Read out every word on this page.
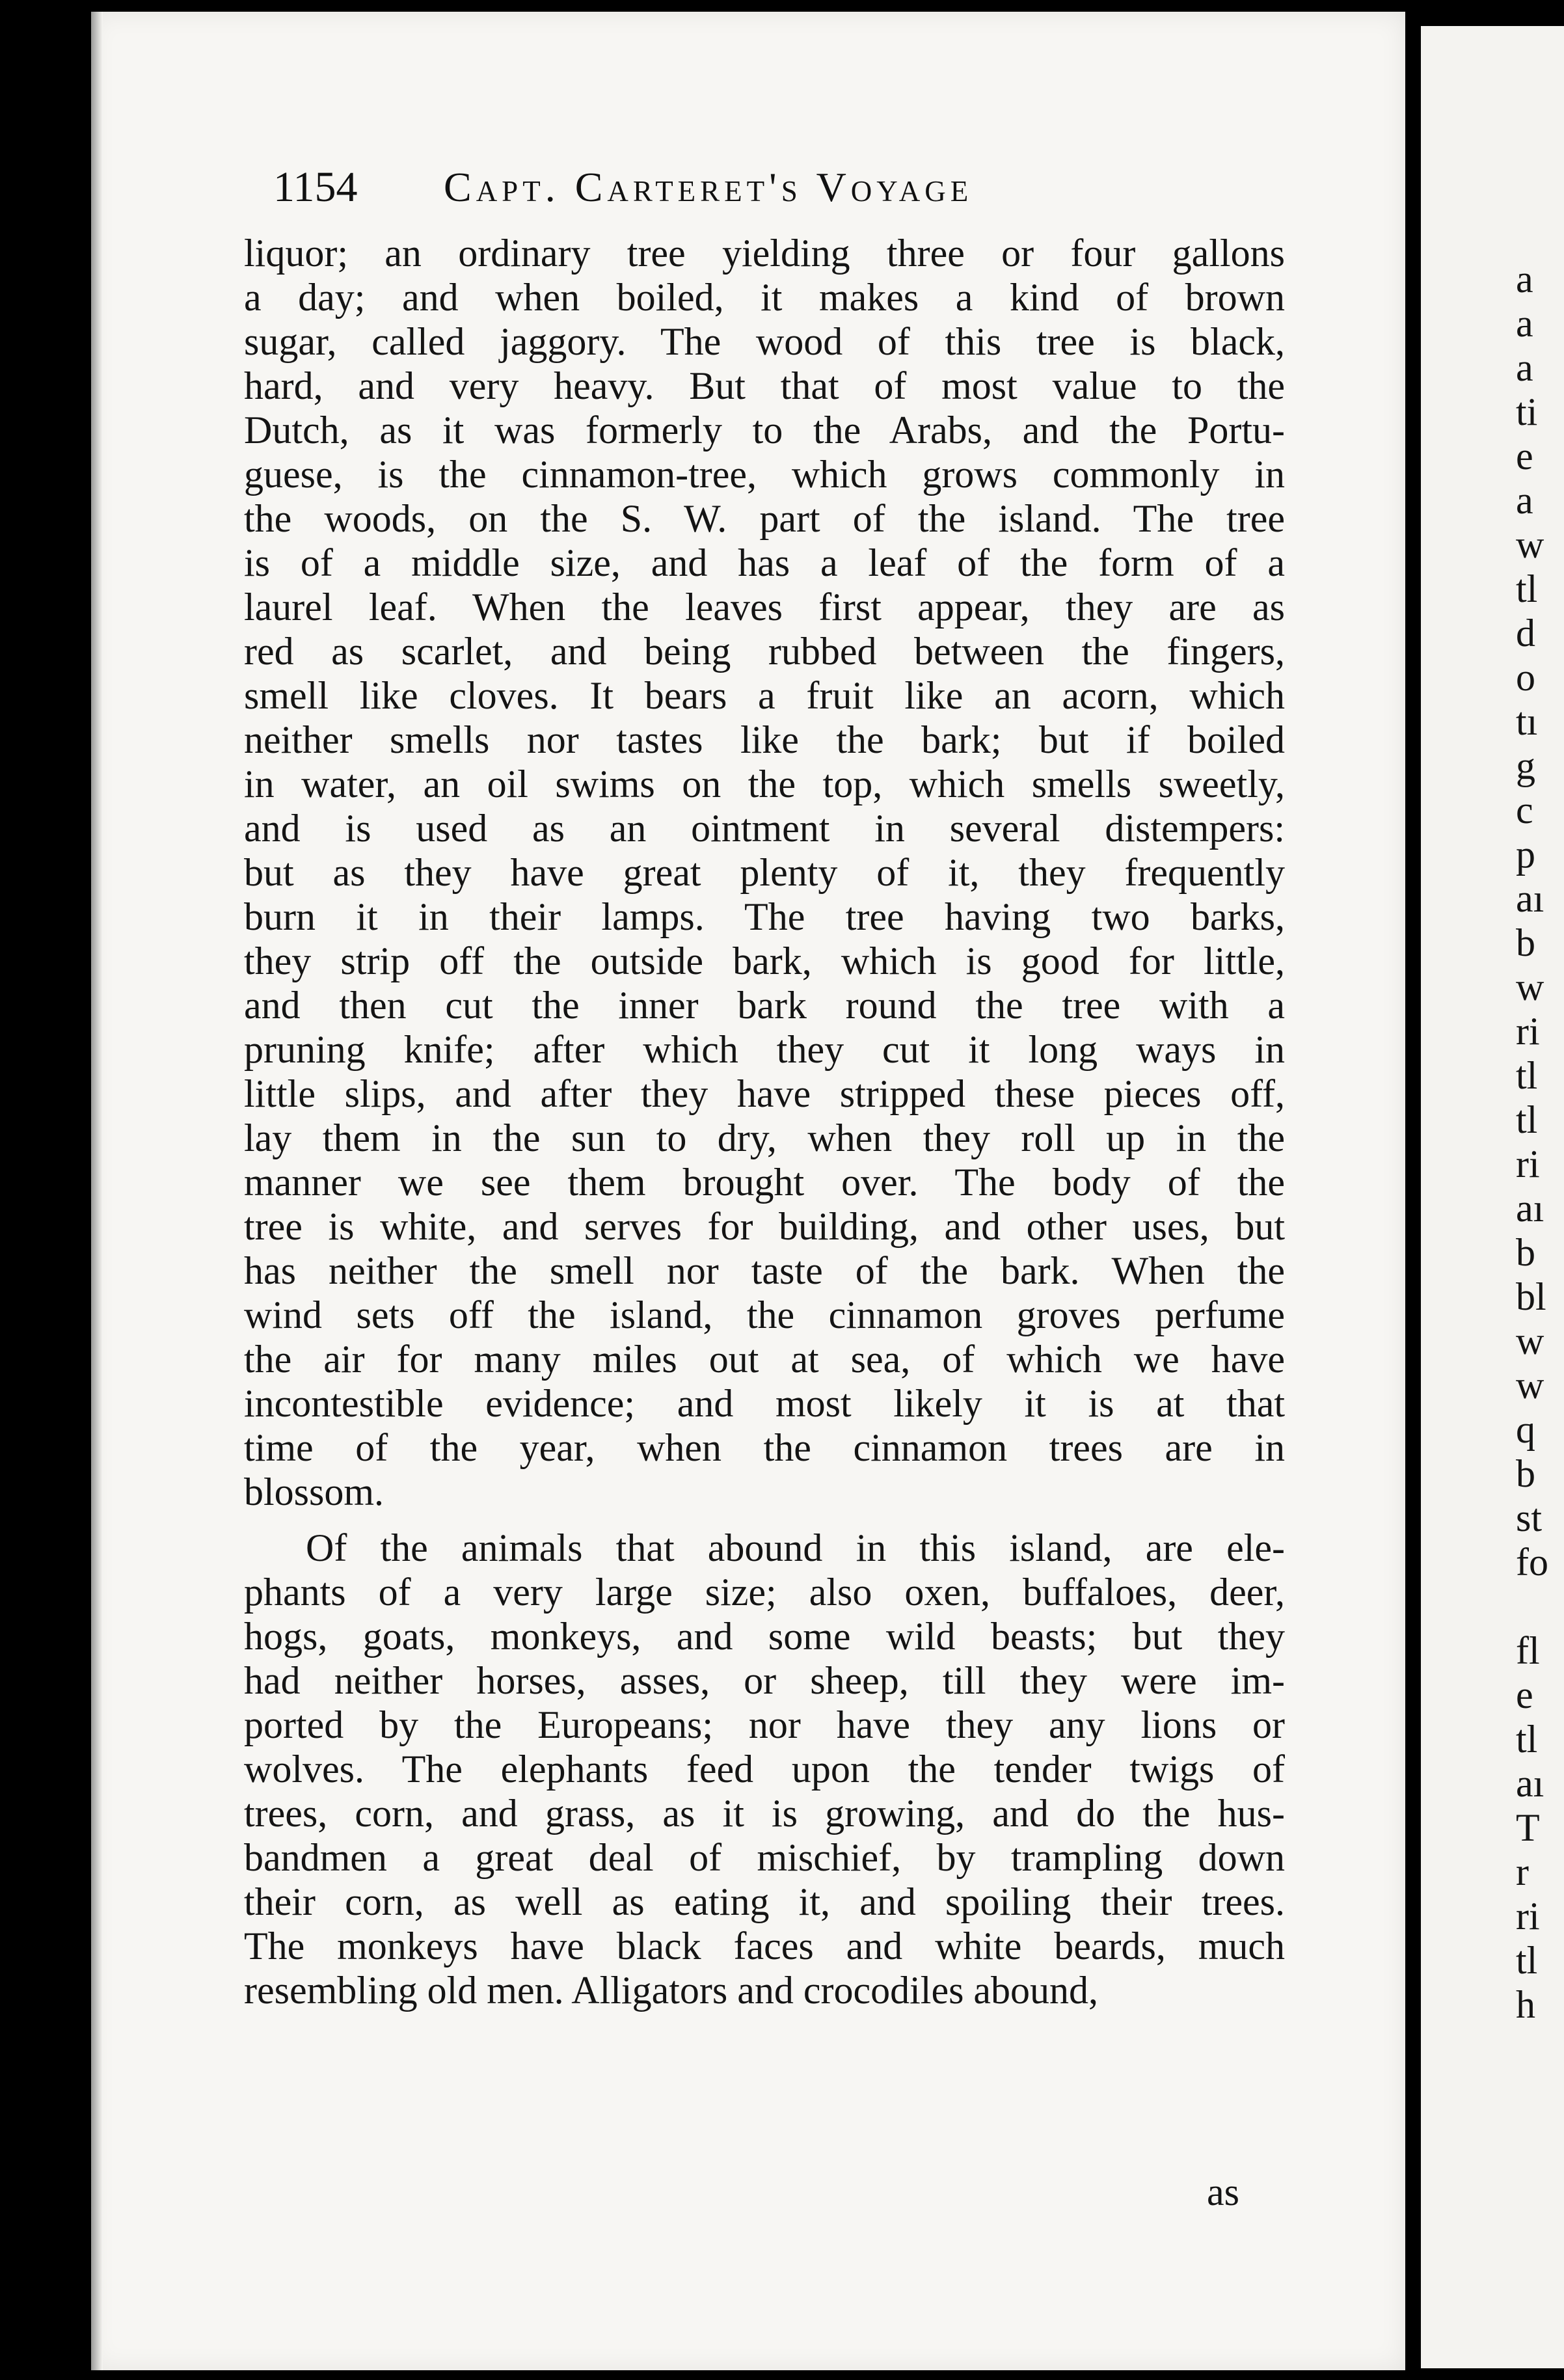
1154 Capt. Carteret's Voyage
liquor; an ordinary tree yielding three or four gallons
a day; and when boiled, it makes a kind of brown
sugar, called jaggory. The wood of this tree is black,
hard, and very heavy. But that of most value to the
Dutch, as it was formerly to the Arabs, and the Portu-
guese, is the cinnamon-tree, which grows commonly in
the woods, on the S. W. part of the island. The tree
is of a middle size, and has a leaf of the form of a
laurel leaf. When the leaves first appear, they are as
red as scarlet, and being rubbed between the fingers,
smell like cloves. It bears a fruit like an acorn, which
neither smells nor tastes like the bark; but if boiled
in water, an oil swims on the top, which smells sweetly,
and is used as an ointment in several distempers:
but as they have great plenty of it, they frequently
burn it in their lamps. The tree having two barks,
they strip off the outside bark, which is good for little,
and then cut the inner bark round the tree with a
pruning knife; after which they cut it long ways in
little slips, and after they have stripped these pieces off,
lay them in the sun to dry, when they roll up in the
manner we see them brought over. The body of the
tree is white, and serves for building, and other uses, but
has neither the smell nor taste of the bark. When the
wind sets off the island, the cinnamon groves perfume
the air for many miles out at sea, of which we have
incontestible evidence; and most likely it is at that
time of the year, when the cinnamon trees are in
blossom.
Of the animals that abound in this island, are ele-
phants of a very large size; also oxen, buffaloes, deer,
hogs, goats, monkeys, and some wild beasts; but they
had neither horses, asses, or sheep, till they were im-
ported by the Europeans; nor have they any lions or
wolves. The elephants feed upon the tender twigs of
trees, corn, and grass, as it is growing, and do the hus-
bandmen a great deal of mischief, by trampling down
their corn, as well as eating it, and spoiling their trees.
The monkeys have black faces and white beards, much
resembling old men. Alligators and crocodiles abound,
as
a
a
a
ti
e
a
w
tl
d
o
tı
g
c
p
aı
b
w
ri
tl
tl
ri
aı
b
bl
w
w
q
b
st
fo
fl
e
tl
aı
T
r
ri
tl
h
